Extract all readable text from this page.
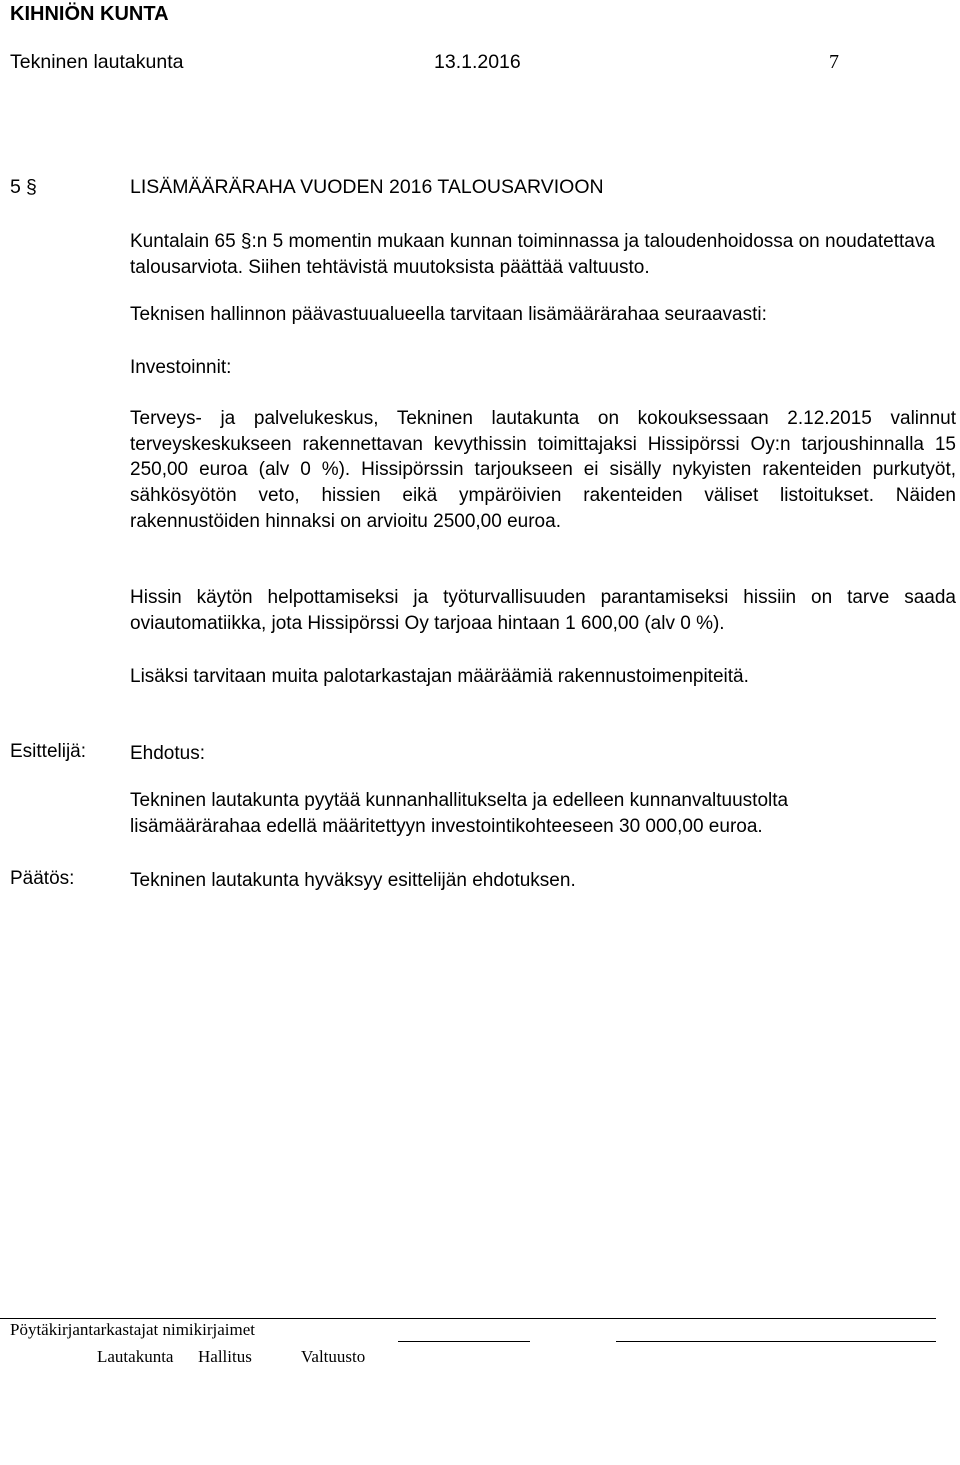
KIHNIÖN KUNTA
Tekninen lautakunta	13.1.2016	7
5 §	LISÄMÄÄRÄRAHA VUODEN 2016 TALOUSARVIOON
Kuntalain 65 §:n 5 momentin mukaan kunnan toiminnassa ja taloudenhoidossa on noudatettava talousarviota. Siihen tehtävistä muutoksista päättää valtuusto.
Teknisen hallinnon päävastuualueella tarvitaan lisämäärärahaa seuraavasti:
Investoinnit:
Terveys- ja palvelukeskus, Tekninen lautakunta on kokouksessaan 2.12.2015 valinnut terveyskeskukseen rakennettavan kevythissin toimittajaksi Hissipörssi Oy:n tarjoushinnalla 15 250,00 euroa (alv 0 %). Hissipörssin tarjoukseen ei sisälly nykyisten rakenteiden purkutyöt, sähkösyötön veto, hissien eikä ympäröivien rakenteiden väliset listoitukset. Näiden rakennustöiden hinnaksi on arvioitu 2500,00 euroa.
Hissin käytön helpottamiseksi ja työturvallisuuden parantamiseksi hissiin on tarve saada oviautomatiikka, jota Hissipörssi Oy tarjoaa hintaan 1 600,00 (alv 0 %).
Lisäksi tarvitaan muita palotarkastajan määräämiä rakennustoimenpiteitä.
Esittelijä: Ehdotus:
Tekninen lautakunta pyytää kunnanhallitukselta ja edelleen kunnanvaltuustolta lisämäärärahaa edellä määritettyyn investointikohteeseen 30 000,00 euroa.
Päätös:	Tekninen lautakunta hyväksyy esittelijän ehdotuksen.
Pöytäkirjantarkastajat nimikirjaimet
Lautakunta Hallitus	Valtuusto
